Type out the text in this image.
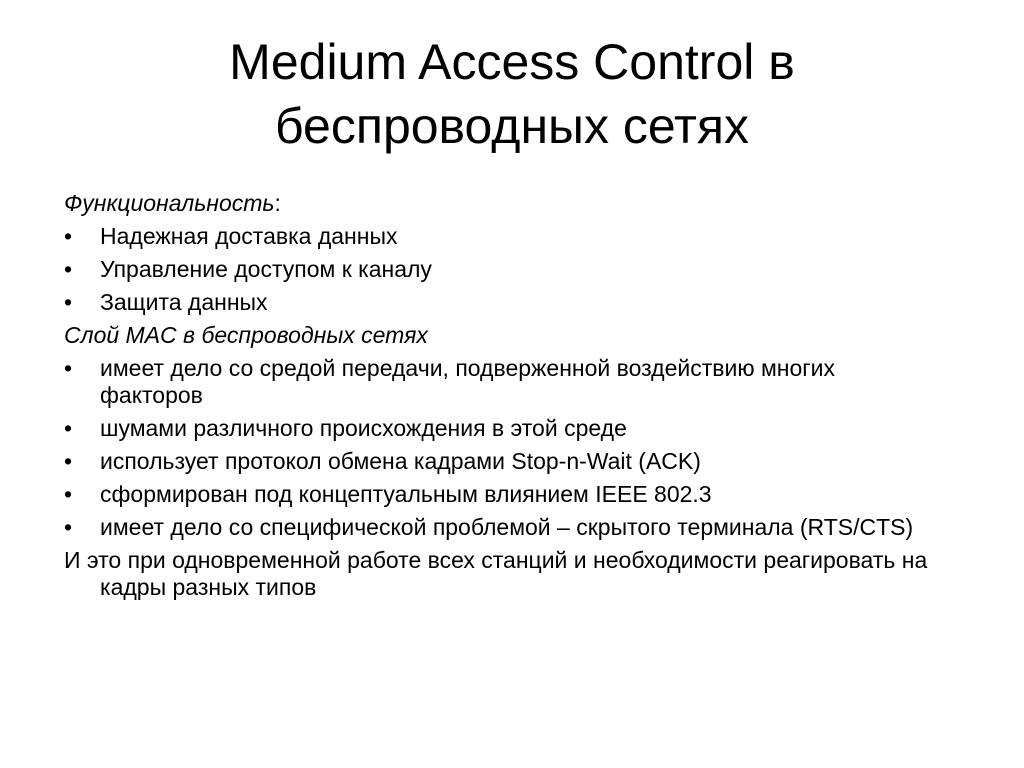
Medium Access Control в
беспроводных сетях

Функциональность:

•	Надежная доставка данных
•	Управление доступом к каналу
•	Защита данных

Слой MAC в беспроводных сетях

•	имеет дело со средой передачи, подверженной воздействию многих факторов
•	шумами различного происхождения в этой среде
•	использует протокол обмена кадрами Stop-n-Wait (ACK)
•	сформирован под концептуальным влиянием IEEE 802.3
•	имеет дело со специфической проблемой – скрытого терминала (RTS/CTS)

И это при одновременной работе всех станций и необходимости реагировать на кадры разных типов
